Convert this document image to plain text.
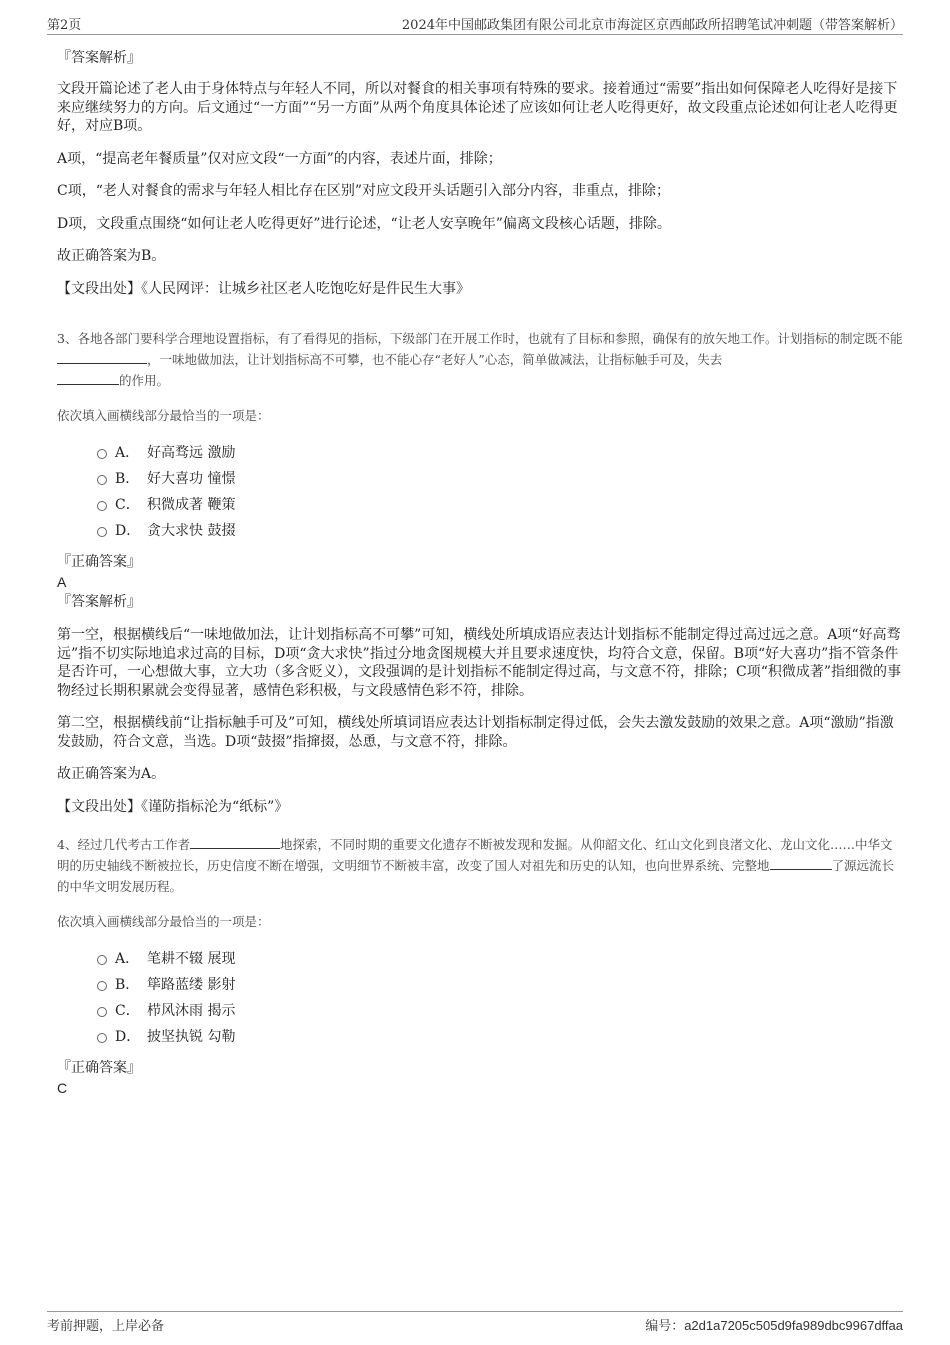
第2页	2024年中国邮政集团有限公司北京市海淀区京西邮政所招聘笔试冲刺题（带答案解析）

『答案解析』

文段开篇论述了老人由于身体特点与年轻人不同，所以对餐食的相关事项有特殊的要求。接着通过“需要”指出如何保障老人吃得好是接下来应继续努力的方向。后文通过“一方面”“另一方面”从两个角度具体论述了应该如何让老人吃得更好，故文段重点论述如何让老人吃得更好，对应B项。

A项，“提高老年餐质量”仅对应文段“一方面”的内容，表述片面，排除；

C项，“老人对餐食的需求与年轻人相比存在区别”对应文段开头话题引入部分内容，非重点，排除；

D项，文段重点围绕“如何让老人吃得更好”进行论述，“让老人安享晚年”偏离文段核心话题，排除。

故正确答案为B。

【文段出处】《人民网评：让城乡社区老人吃饱吃好是件民生大事》

3、各地各部门要科学合理地设置指标，有了看得见的指标，下级部门在开展工作时，也就有了目标和参照，确保有的放矢地工作。计划指标的制定既不能，一味地做加法，让计划指标高不可攀，也不能心存“老好人”心态，简单做减法，让指标触手可及，失去
的作用。

依次填入画横线部分最恰当的一项是：

A． 好高骛远 激励
B． 好大喜功 憧憬
C． 积微成著 鞭策
D． 贪大求快 鼓掇

『正确答案』

A

『答案解析』

第一空，根据横线后“一味地做加法，让计划指标高不可攀”可知，横线处所填成语应表达计划指标不能制定得过高过远之意。A项“好高骛远”指不切实际地追求过高的目标，D项“贪大求快”指过分地贪图规模大并且要求速度快，均符合文意，保留。B项“好大喜功”指不管条件是否许可，一心想做大事，立大功（多含贬义），文段强调的是计划指标不能制定得过高，与文意不符，排除；C项“积微成著”指细微的事物经过长期积累就会变得显著，感情色彩积极，与文段感情色彩不符，排除。

第二空，根据横线前“让指标触手可及”可知，横线处所填词语应表达计划指标制定得过低，会失去激发鼓励的效果之意。A项“激励”指激发鼓励，符合文意，当选。D项“鼓掇”指撺掇，怂恿，与文意不符，排除。

故正确答案为A。

【文段出处】《谨防指标沦为“纸标”》

4、经过几代考古工作者	地探索，不同时期的重要文化遗存不断被发现和发掘。从仰韶文化、红山文化到良渚文化、龙山文化……中华文明的历史轴线不断被拉长，历史信度不断在增强，文明细节不断被丰富，改变了国人对祖先和历史的认知，也向世界系统、完整地	了源远流长的中华文明发展历程。

依次填入画横线部分最恰当的一项是：

A． 笔耕不辍 展现
B． 筚路蓝缕 影射
C． 栉风沐雨 揭示
D． 披坚执锐 勾勒

『正确答案』

C

考前押题，上岸必备	编号：a2d1a7205c505d9fa989dbc9967dffaa
